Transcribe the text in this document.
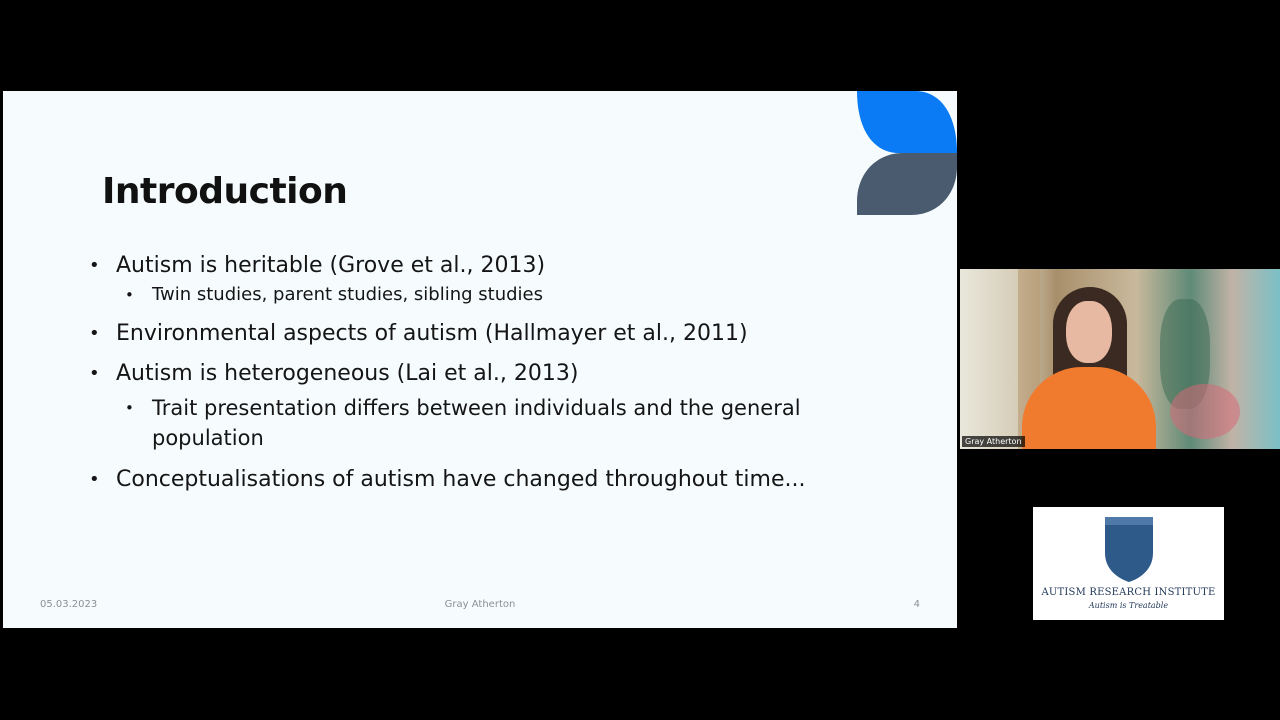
Introduction
• Autism is heritable (Grove et al., 2013)
• Twin studies, parent studies, sibling studies
• Environmental aspects of autism (Hallmayer et al., 2011)
• Autism is heterogeneous (Lai et al., 2013)
• Trait presentation differs between individuals and the general population
• Conceptualisations of autism have changed throughout time...
05.03.2023	Gray Atherton	4
Gray Atherton
AUTISM RESEARCH INSTITUTE
Autism is Treatable
